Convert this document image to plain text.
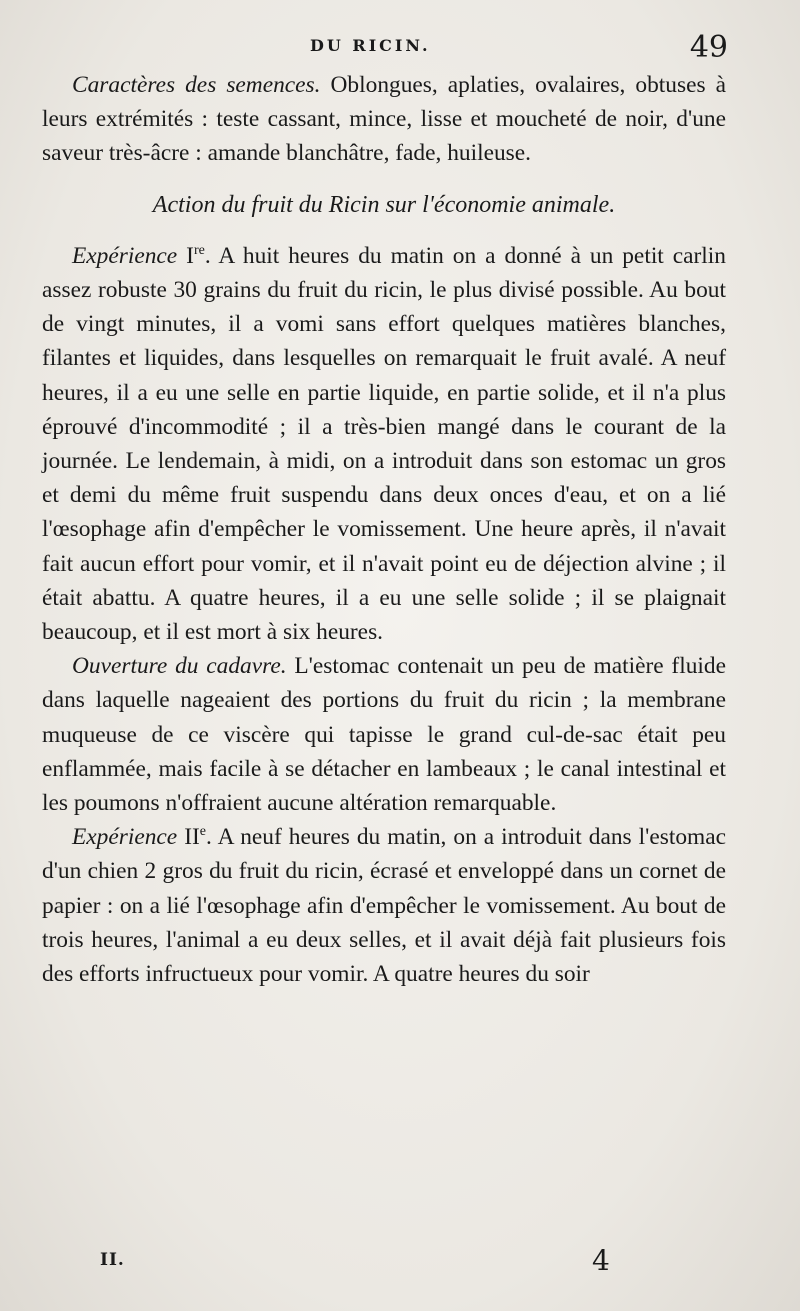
DU RICIN.	49

Caractères des semences. Oblongues, aplaties, ovalaires, obtuses à leurs extrémités : teste cassant, mince, lisse et moucheté de noir, d'une saveur très-âcre : amande blanchâtre, fade, huileuse.

Action du fruit du Ricin sur l'économie animale.

Expérience Ire. A huit heures du matin on a donné à un petit carlin assez robuste 30 grains du fruit du ricin, le plus divisé possible. Au bout de vingt minutes, il a vomi sans effort quelques matières blanches, filantes et liquides, dans lesquelles on remarquait le fruit avalé. A neuf heures, il a eu une selle en partie liquide, en partie solide, et il n'a plus éprouvé d'incommodité ; il a très-bien mangé dans le courant de la journée. Le lendemain, à midi, on a introduit dans son estomac un gros et demi du même fruit suspendu dans deux onces d'eau, et on a lié l'œsophage afin d'empêcher le vomissement. Une heure après, il n'avait fait aucun effort pour vomir, et il n'avait point eu de déjection alvine ; il était abattu. A quatre heures, il a eu une selle solide ; il se plaignait beaucoup, et il est mort à six heures.

Ouverture du cadavre. L'estomac contenait un peu de matière fluide dans laquelle nageaient des portions du fruit du ricin ; la membrane muqueuse de ce viscère qui tapisse le grand cul-de-sac était peu enflammée, mais facile à se détacher en lambeaux ; le canal intestinal et les poumons n'offraient aucune altération remarquable.

Expérience IIe. A neuf heures du matin, on a introduit dans l'estomac d'un chien 2 gros du fruit du ricin, écrasé et enveloppé dans un cornet de papier : on a lié l'œsophage afin d'empêcher le vomissement. Au bout de trois heures, l'animal a eu deux selles, et il avait déjà fait plusieurs fois des efforts infructueux pour vomir. A quatre heures du soir

II.	4
